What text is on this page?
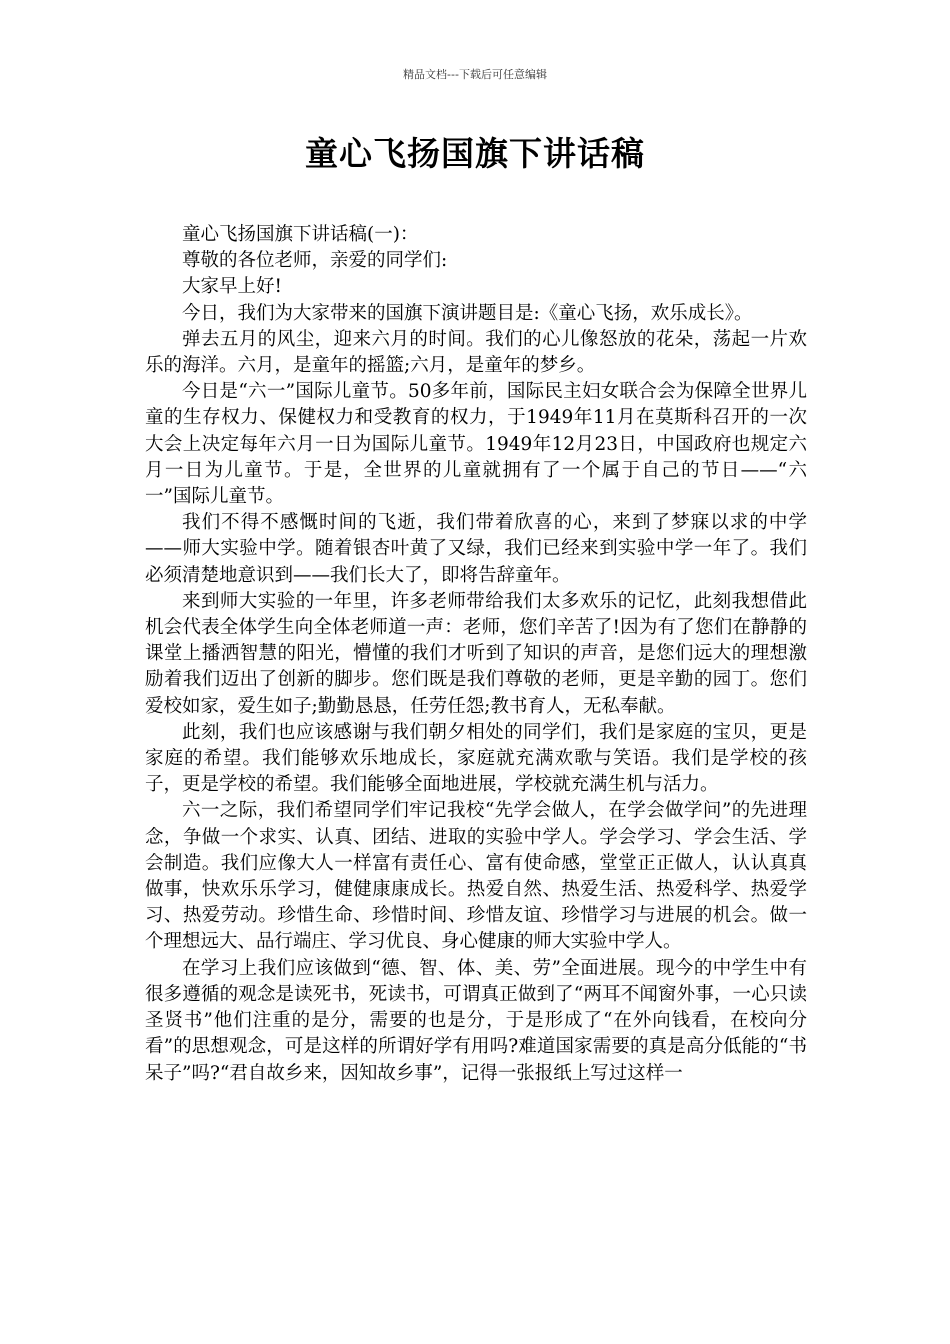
精品文档---下载后可任意编辑
童心飞扬国旗下讲话稿

童心飞扬国旗下讲话稿(一)：

尊敬的各位老师，亲爱的同学们:

大家早上好!

今日，我们为大家带来的国旗下演讲题目是:《童心飞扬，欢乐成长》。

弹去五月的风尘，迎来六月的时间。我们的心儿像怒放的花朵，荡起一片欢乐的海洋。六月，是童年的摇篮;六月，是童年的梦乡。

今日是“六一”国际儿童节。50多年前，国际民主妇女联合会为保障全世界儿童的生存权力、保健权力和受教育的权力，于1949年11月在莫斯科召开的一次大会上决定每年六月一日为国际儿童节。1949年12月23日，中国政府也规定六月一日为儿童节。于是，全世界的儿童就拥有了一个属于自己的节日——“六一”国际儿童节。

我们不得不感慨时间的飞逝，我们带着欣喜的心，来到了梦寐以求的中学——师大实验中学。随着银杏叶黄了又绿，我们已经来到实验中学一年了。我们必须清楚地意识到——我们长大了，即将告辞童年。

来到师大实验的一年里，许多老师带给我们太多欢乐的记忆，此刻我想借此机会代表全体学生向全体老师道一声：老师，您们辛苦了!因为有了您们在静静的课堂上播洒智慧的阳光，懵懂的我们才听到了知识的声音，是您们远大的理想激励着我们迈出了创新的脚步。您们既是我们尊敬的老师，更是辛勤的园丁。您们爱校如家，爱生如子;勤勤恳恳，任劳任怨;教书育人，无私奉献。

此刻，我们也应该感谢与我们朝夕相处的同学们，我们是家庭的宝贝，更是家庭的希望。我们能够欢乐地成长，家庭就充满欢歌与笑语。我们是学校的孩子，更是学校的希望。我们能够全面地进展，学校就充满生机与活力。

六一之际，我们希望同学们牢记我校“先学会做人，在学会做学问”的先进理念，争做一个求实、认真、团结、进取的实验中学人。学会学习、学会生活、学会制造。我们应像大人一样富有责任心、富有使命感，堂堂正正做人，认认真真做事，快欢乐乐学习，健健康康成长。热爱自然、热爱生活、热爱科学、热爱学习、热爱劳动。珍惜生命、珍惜时间、珍惜友谊、珍惜学习与进展的机会。做一个理想远大、品行端庄、学习优良、身心健康的师大实验中学人。

在学习上我们应该做到“德、智、体、美、劳”全面进展。现今的中学生中有很多遵循的观念是读死书，死读书，可谓真正做到了“两耳不闻窗外事，一心只读圣贤书”他们注重的是分，需要的也是分，于是形成了“在外向钱看，在校向分看”的思想观念，可是这样的所谓好学有用吗?难道国家需要的真是高分低能的“书呆子”吗?“君自故乡来，因知故乡事”，记得一张报纸上写过这样一
